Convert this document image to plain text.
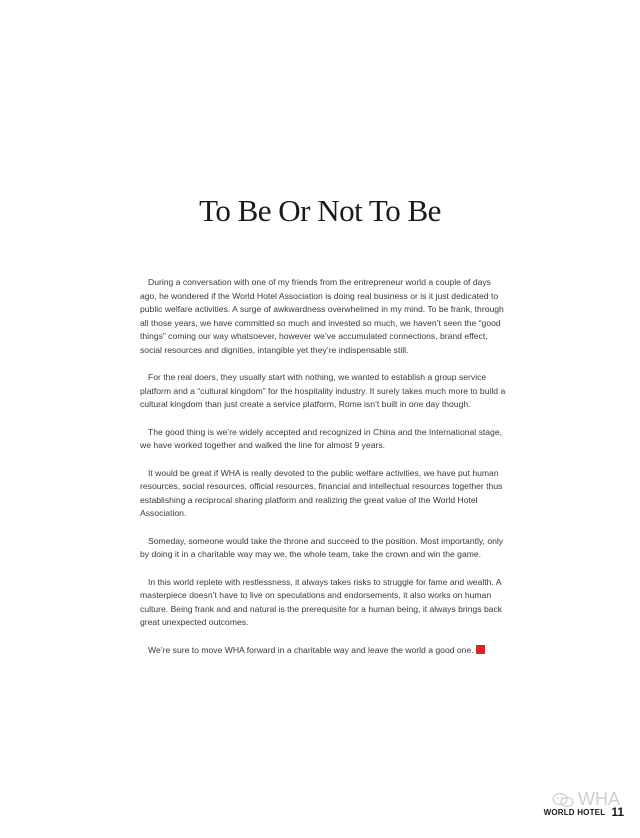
To Be Or Not To Be

During a conversation with one of my friends from the entrepreneur world a couple of days ago, he wondered if the World Hotel Association is doing real business or is it just dedicated to public welfare activities. A surge of awkwardness overwhelmed in my mind. To be frank, through all those years, we have committed so much and invested so much, we haven’t seen the “good things” coming our way whatsoever, however we’ve accumulated connections, brand effect, social resources and dignities, intangible yet they’re indispensable still.

For the real doers, they usually start with nothing, we wanted to establish a group service platform and a “cultural kingdom” for the hospitality industry. It surely takes much more to build a cultural kingdom than just create a service platform, Rome isn’t built in one day though.

The good thing is we’re widely accepted and recognized in China and the International stage, we have worked together and walked the line for almost 9 years.

It would be great if WHA is really devoted to the public welfare activities, we have put human resources, social resources, official resources, financial and intellectual resources together thus establishing a reciprocal sharing platform and realizing the great value of the World Hotel Association.

Someday, someone would take the throne and succeed to the position. Most importantly, only by doing it in a charitable way may we, the whole team, take the crown and win the game.

In this world replete with restlessness, it always takes risks to struggle for fame and wealth. A masterpiece doesn’t have to live on speculations and endorsements, it also works on human culture. Being frank and and natural is the prerequisite for a human being, it always brings back great unexpected outcomes.

We’re sure to move WHA forward in a charitable way and leave the world a good one.

WHA
WORLD HOTEL 11
